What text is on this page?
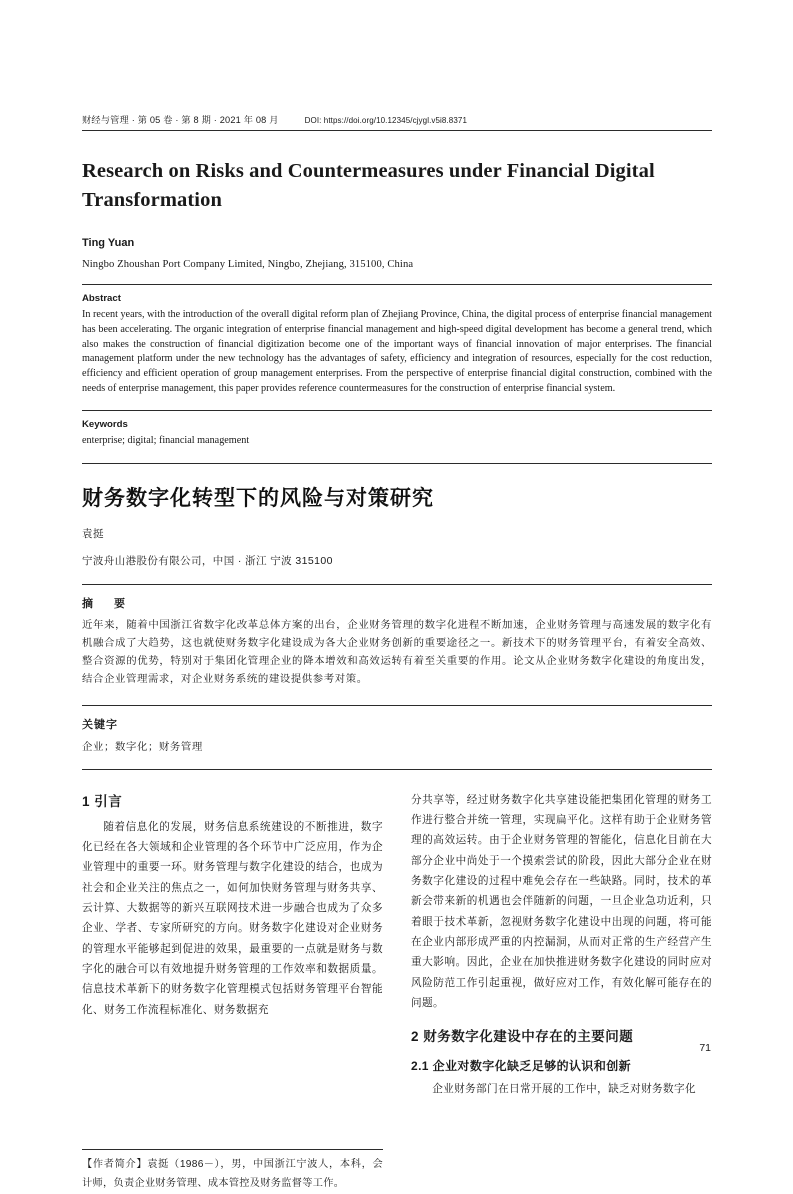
财经与管理 · 第 05 卷 · 第 8 期 · 2021 年 08 月	DOI: https://doi.org/10.12345/cjygl.v5i8.8371
Research on Risks and Countermeasures under Financial Digital Transformation
Ting Yuan
Ningbo Zhoushan Port Company Limited, Ningbo, Zhejiang, 315100, China
Abstract
In recent years, with the introduction of the overall digital reform plan of Zhejiang Province, China, the digital process of enterprise financial management has been accelerating. The organic integration of enterprise financial management and high-speed digital development has become a general trend, which also makes the construction of financial digitization become one of the important ways of financial innovation of major enterprises. The financial management platform under the new technology has the advantages of safety, efficiency and integration of resources, especially for the cost reduction, efficiency and efficient operation of group management enterprises. From the perspective of enterprise financial digital construction, combined with the needs of enterprise management, this paper provides reference countermeasures for the construction of enterprise financial system.
Keywords
enterprise; digital; financial management
财务数字化转型下的风险与对策研究
袁挺
宁波舟山港股份有限公司，中国 · 浙江 宁波 315100
摘　要
近年来，随着中国浙江省数字化改革总体方案的出台，企业财务管理的数字化进程不断加速，企业财务管理与高速发展的数字化有机融合成了大趋势，这也就使财务数字化建设成为各大企业财务创新的重要途径之一。新技术下的财务管理平台，有着安全高效、整合资源的优势，特别对于集团化管理企业的降本增效和高效运转有着至关重要的作用。论文从企业财务数字化建设的角度出发，结合企业管理需求，对企业财务系统的建设提供参考对策。
关键字
企业；数字化；财务管理
1 引言
随着信息化的发展，财务信息系统建设的不断推进，数字化已经在各大领域和企业管理的各个环节中广泛应用，作为企业管理中的重要一环。财务管理与数字化建设的结合，也成为社会和企业关注的焦点之一，如何加快财务管理与财务共享、云计算、大数据等的新兴互联网技术进一步融合也成为了众多企业、学者、专家所研究的方向。财务数字化建设对企业财务的管理水平能够起到促进的效果，最重要的一点就是财务与数字化的融合可以有效地提升财务管理的工作效率和数据质量。信息技术革新下的财务数字化管理模式包括财务管理平台智能化、财务工作流程标准化、财务数据充
【作者简介】袁挺（1986－），男，中国浙江宁波人，本科，会计师，负责企业财务管理、成本管控及财务监督等工作。
分共享等，经过财务数字化共享建设能把集团化管理的财务工作进行整合并统一管理，实现扁平化。这样有助于企业财务管理的高效运转。由于企业财务管理的智能化，信息化目前在大部分企业中尚处于一个摸索尝试的阶段，因此大部分企业在财务数字化建设的过程中难免会存在一些缺路。同时，技术的革新会带来新的机遇也会伴随新的问题，一旦企业急功近利，只着眼于技术革新，忽视财务数字化建设中出现的问题，将可能在企业内部形成严重的内控漏洞，从而对正常的生产经营产生重大影响。因此，企业在加快推进财务数字化建设的同时应对风险防范工作引起重视，做好应对工作，有效化解可能存在的问题。
2 财务数字化建设中存在的主要问题
2.1 企业对数字化缺乏足够的认识和创新
企业财务部门在日常开展的工作中，缺乏对财务数字化
71
